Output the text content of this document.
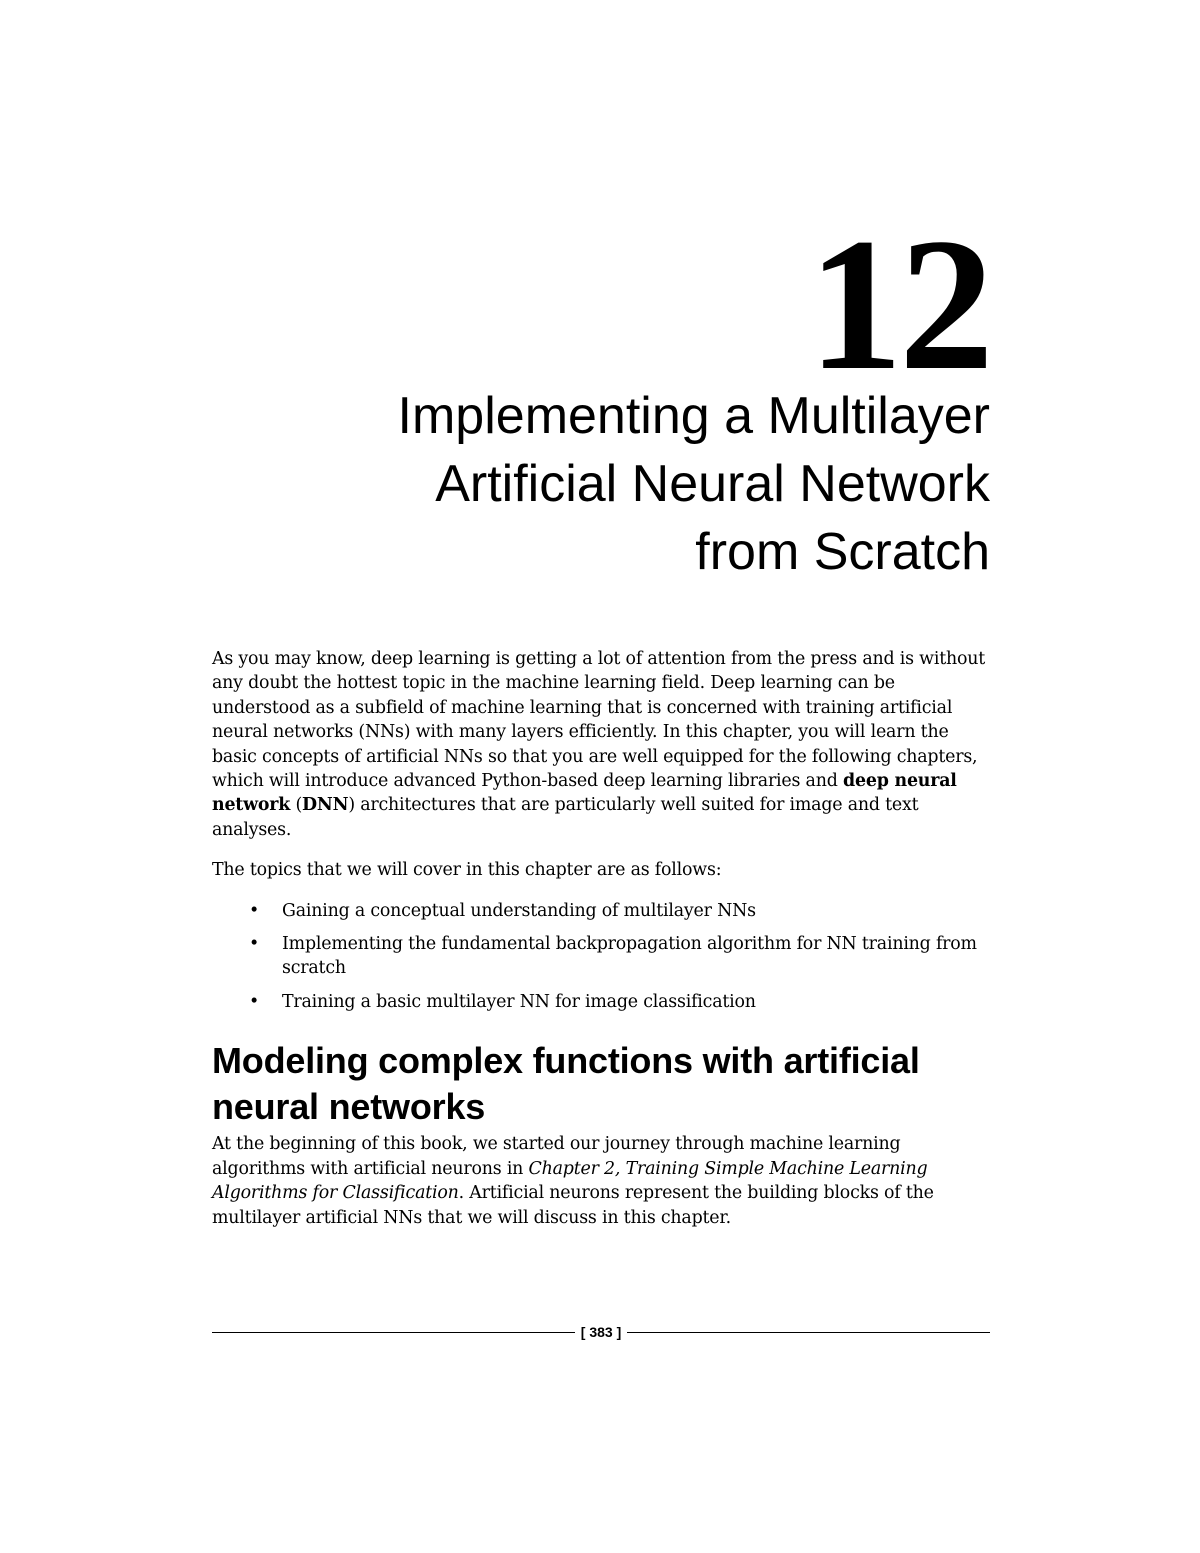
12
Implementing a Multilayer
Artificial Neural Network
from Scratch

As you may know, deep learning is getting a lot of attention from the press and is without any doubt the hottest topic in the machine learning field. Deep learning can be understood as a subfield of machine learning that is concerned with training artificial neural networks (NNs) with many layers efficiently. In this chapter, you will learn the basic concepts of artificial NNs so that you are well equipped for the following chapters, which will introduce advanced Python-based deep learning libraries and deep neural network (DNN) architectures that are particularly well suited for image and text analyses.

The topics that we will cover in this chapter are as follows:

• Gaining a conceptual understanding of multilayer NNs
• Implementing the fundamental backpropagation algorithm for NN training from scratch
• Training a basic multilayer NN for image classification
Modeling complex functions with artificial neural networks

At the beginning of this book, we started our journey through machine learning algorithms with artificial neurons in Chapter 2, Training Simple Machine Learning Algorithms for Classification. Artificial neurons represent the building blocks of the multilayer artificial NNs that we will discuss in this chapter.

[ 383 ]
